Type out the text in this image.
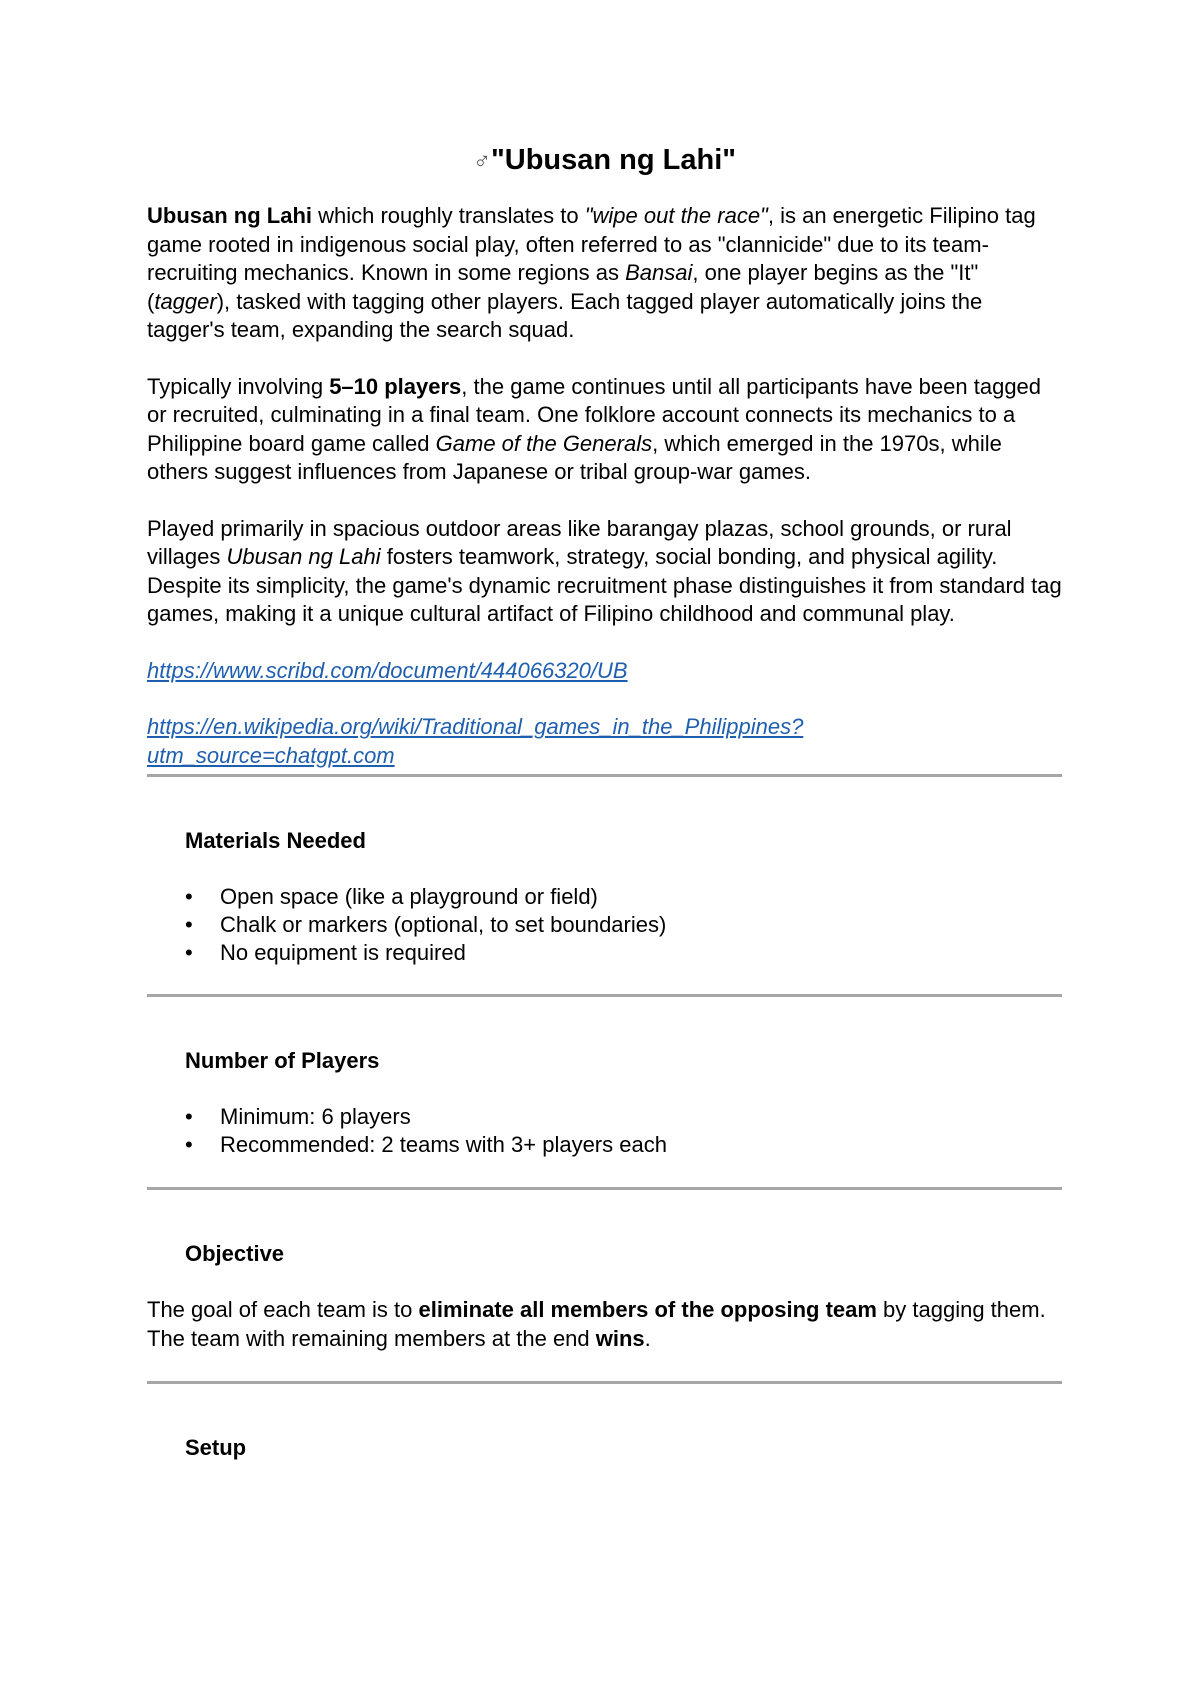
♂"Ubusan ng Lahi"

Ubusan ng Lahi which roughly translates to "wipe out the race", is an energetic Filipino tag game rooted in indigenous social play, often referred to as "clannicide" due to its team-recruiting mechanics. Known in some regions as Bansai, one player begins as the "It" (tagger), tasked with tagging other players. Each tagged player automatically joins the tagger's team, expanding the search squad.

Typically involving 5–10 players, the game continues until all participants have been tagged or recruited, culminating in a final team. One folklore account connects its mechanics to a Philippine board game called Game of the Generals, which emerged in the 1970s, while others suggest influences from Japanese or tribal group-war games.

Played primarily in spacious outdoor areas like barangay plazas, school grounds, or rural villages Ubusan ng Lahi fosters teamwork, strategy, social bonding, and physical agility. Despite its simplicity, the game's dynamic recruitment phase distinguishes it from standard tag games, making it a unique cultural artifact of Filipino childhood and communal play.

https://www.scribd.com/document/444066320/UB
https://en.wikipedia.org/wiki/Traditional_games_in_the_Philippines?
utm_source=chatgpt.com
Materials Needed
• Open space (like a playground or field)
• Chalk or markers (optional, to set boundaries)
• No equipment is required
Number of Players
• Minimum: 6 players
• Recommended: 2 teams with 3+ players each
Objective

The goal of each team is to eliminate all members of the opposing team by tagging them. The team with remaining members at the end wins.

Setup
